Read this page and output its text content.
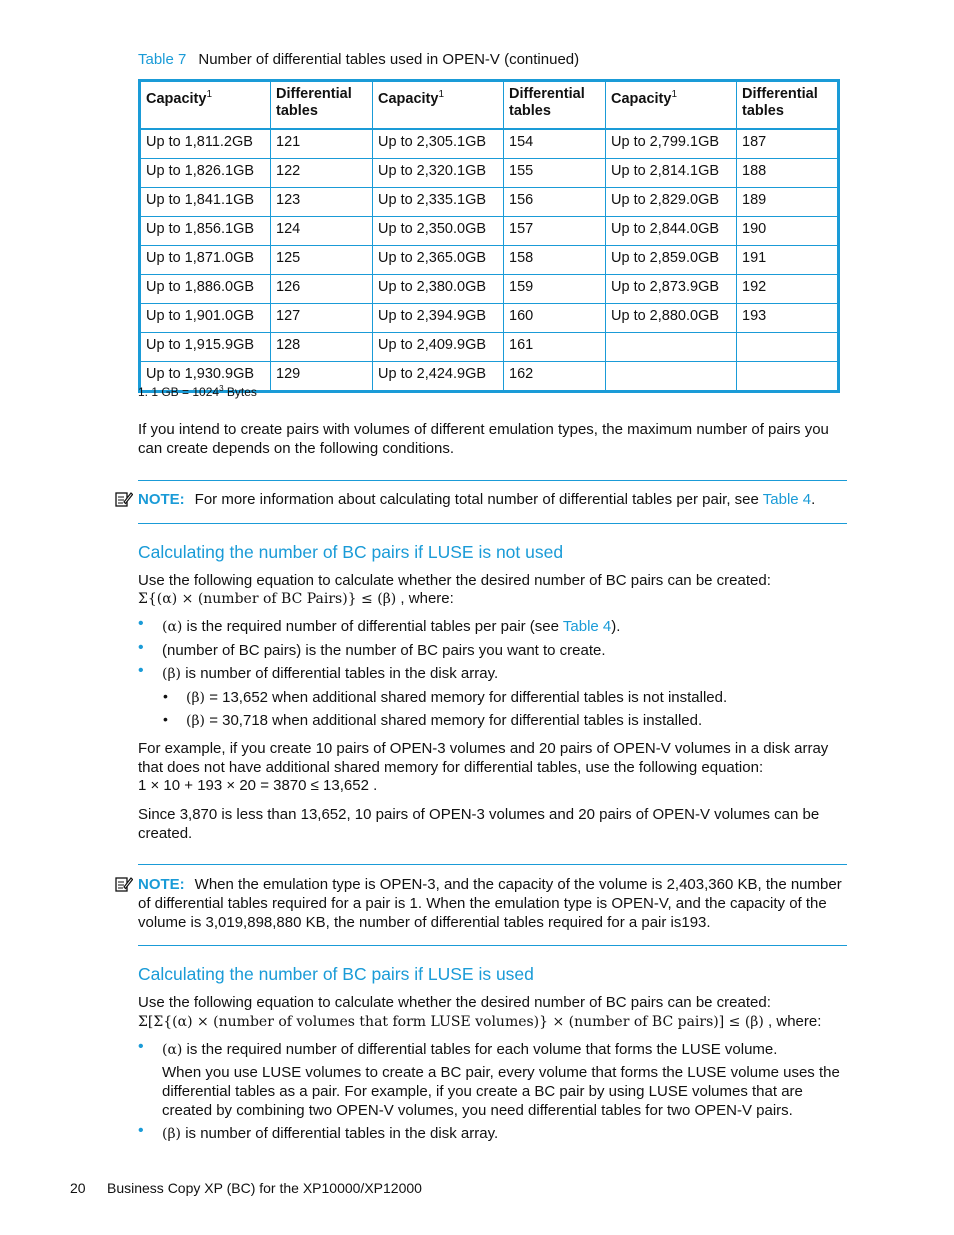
Table 7 Number of differential tables used in OPEN-V (continued)
Capacity$^1$	Differential tables	Capacity$^1$	Differential tables	Capacity$^1$	Differential tables
Up to 1,811.2GB	121	Up to 2,305.1GB	154	Up to 2,799.1GB	187
Up to 1,826.1GB	122	Up to 2,320.1GB	155	Up to 2,814.1GB	188
Up to 1,841.1GB	123	Up to 2,335.1GB	156	Up to 2,829.0GB	189
Up to 1,856.1GB	124	Up to 2,350.0GB	157	Up to 2,844.0GB	190
Up to 1,871.0GB	125	Up to 2,365.0GB	158	Up to 2,859.0GB	191
Up to 1,886.0GB	126	Up to 2,380.0GB	159	Up to 2,873.9GB	192
Up to 1,901.0GB	127	Up to 2,394.9GB	160	Up to 2,880.0GB	193
Up to 1,915.9GB	128	Up to 2,409.9GB	161		
Up to 1,930.9GB	129	Up to 2,424.9GB	162		
1. 1 GB = $1024^3$ Bytes
If you intend to create pairs with volumes of different emulation types, the maximum number of pairs you can create depends on the following conditions.
NOTE: For more information about calculating total number of differential tables per pair, see Table 4.
Calculating the number of BC pairs if LUSE is not used
Use the following equation to calculate whether the desired number of BC pairs can be created:
Σ{(α) × (number of BC Pairs)} ≤ (β) , where:
• (α) is the required number of differential tables per pair (see Table 4).
• (number of BC pairs) is the number of BC pairs you want to create.
• (β) is number of differential tables in the disk array.
• (β) = 13,652 when additional shared memory for differential tables is not installed.
• (β) = 30,718 when additional shared memory for differential tables is installed.
For example, if you create 10 pairs of OPEN-3 volumes and 20 pairs of OPEN-V volumes in a disk array that does not have additional shared memory for differential tables, use the following equation:
1 × 10 + 193 × 20 = 3870 ≤ 13,652 .
Since 3,870 is less than 13,652, 10 pairs of OPEN-3 volumes and 20 pairs of OPEN-V volumes can be created.
NOTE: When the emulation type is OPEN-3, and the capacity of the volume is 2,403,360 KB, the number of differential tables required for a pair is 1. When the emulation type is OPEN-V, and the capacity of the volume is 3,019,898,880 KB, the number of differential tables required for a pair is193.
Calculating the number of BC pairs if LUSE is used
Use the following equation to calculate whether the desired number of BC pairs can be created:
Σ[Σ{(α) × (number of volumes that form LUSE volumes)} × (number of BC pairs)] ≤ (β) , where:
• (α) is the required number of differential tables for each volume that forms the LUSE volume.
When you use LUSE volumes to create a BC pair, every volume that forms the LUSE volume uses the differential tables as a pair. For example, if you create a BC pair by using LUSE volumes that are created by combining two OPEN-V volumes, you need differential tables for two OPEN-V pairs.
• (β) is number of differential tables in the disk array.
20 Business Copy XP (BC) for the XP10000/XP12000
